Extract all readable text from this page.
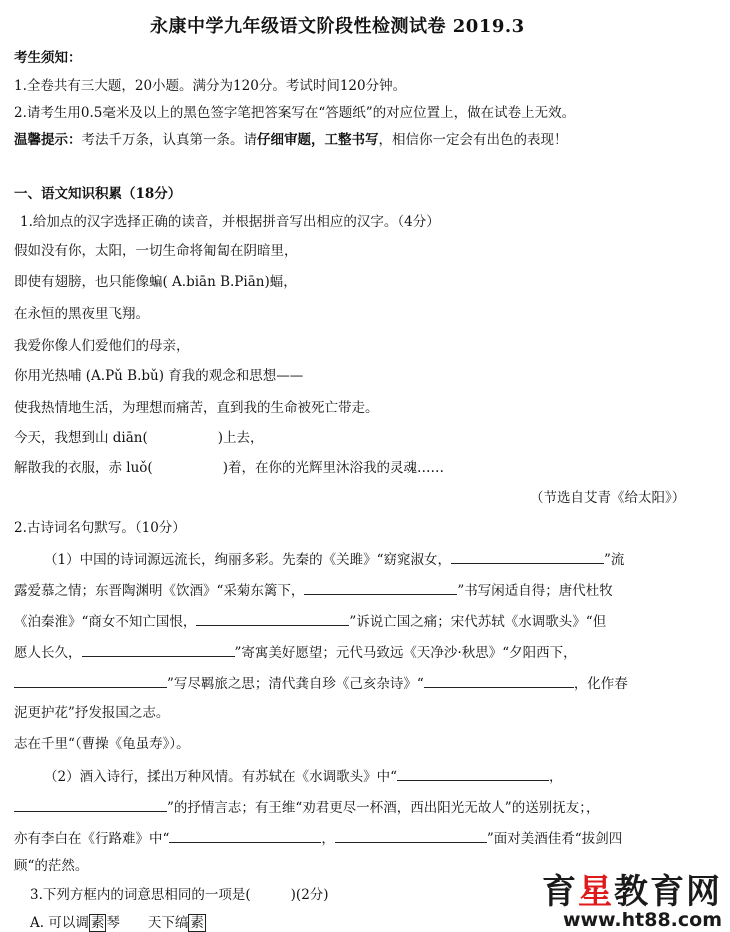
永康中学九年级语文阶段性检测试卷 2019.3
考生须知：
1.全卷共有三大题，20小题。满分为120分。考试时间120分钟。
2.请考生用0.5毫米及以上的黑色签字笔把答案写在“答题纸”的对应位置上，做在试卷上无效。
温馨提示：考法千万条，认真第一条。请仔细审题，工整书写，相信你一定会有出色的表现！
一、语文知识积累（18分）
1.给加点的汉字选择正确的读音，并根据拼音写出相应的汉字。（4分）
假如没有你，太阳，一切生命将匍匐在阴暗里，
即使有翅膀，也只能像蝙( A.biān B.Piān)蝠，
在永恒的黑夜里飞翔。
我爱你像人们爱他们的母亲，
你用光热哺 (A.Pǔ B.bǔ) 育我的观念和思想——
使我热情地生活，为理想而痛苦，直到我的生命被死亡带走。
今天，我想到山 diān(	)上去，
解散我的衣服，赤 luǒ(	)着，在你的光辉里沐浴我的灵魂……
（节选自艾青《给太阳》）
2.古诗词名句默写。（10分）
（1）中国的诗词源远流长，绚丽多彩。先秦的《关雎》“窈窕淑女，	”流
露爱慕之情；东晋陶渊明《饮酒》“采菊东篱下，	”书写闲适自得；唐代杜牧
《泊秦淮》“商女不知亡国恨，	”诉说亡国之痛；宋代苏轼《水调歌头》“但
愿人长久，	”寄寓美好愿望；元代马致远《天净沙·秋思》“夕阳西下，
”写尽羁旅之思；清代龚自珍《己亥杂诗》“	，化作春
泥更护花”抒发报国之志。
志在千里“（曹操《龟虽寿》）。
（2）酒入诗行，揉出万种风情。有苏轼在《水调歌头》中“	，
”的抒情言志；有王维“劝君更尽一杯酒，西出阳光无故人”的送别抚友；，
亦有李白在《行路难》中“	，	”面对美酒佳肴“拔剑四
顾“的茫然。
3.下列方框内的词意思相同的一项是(	)(2分)
A. 可以调 素 琴 天下缟 素
育星教育网
www.ht88.com
